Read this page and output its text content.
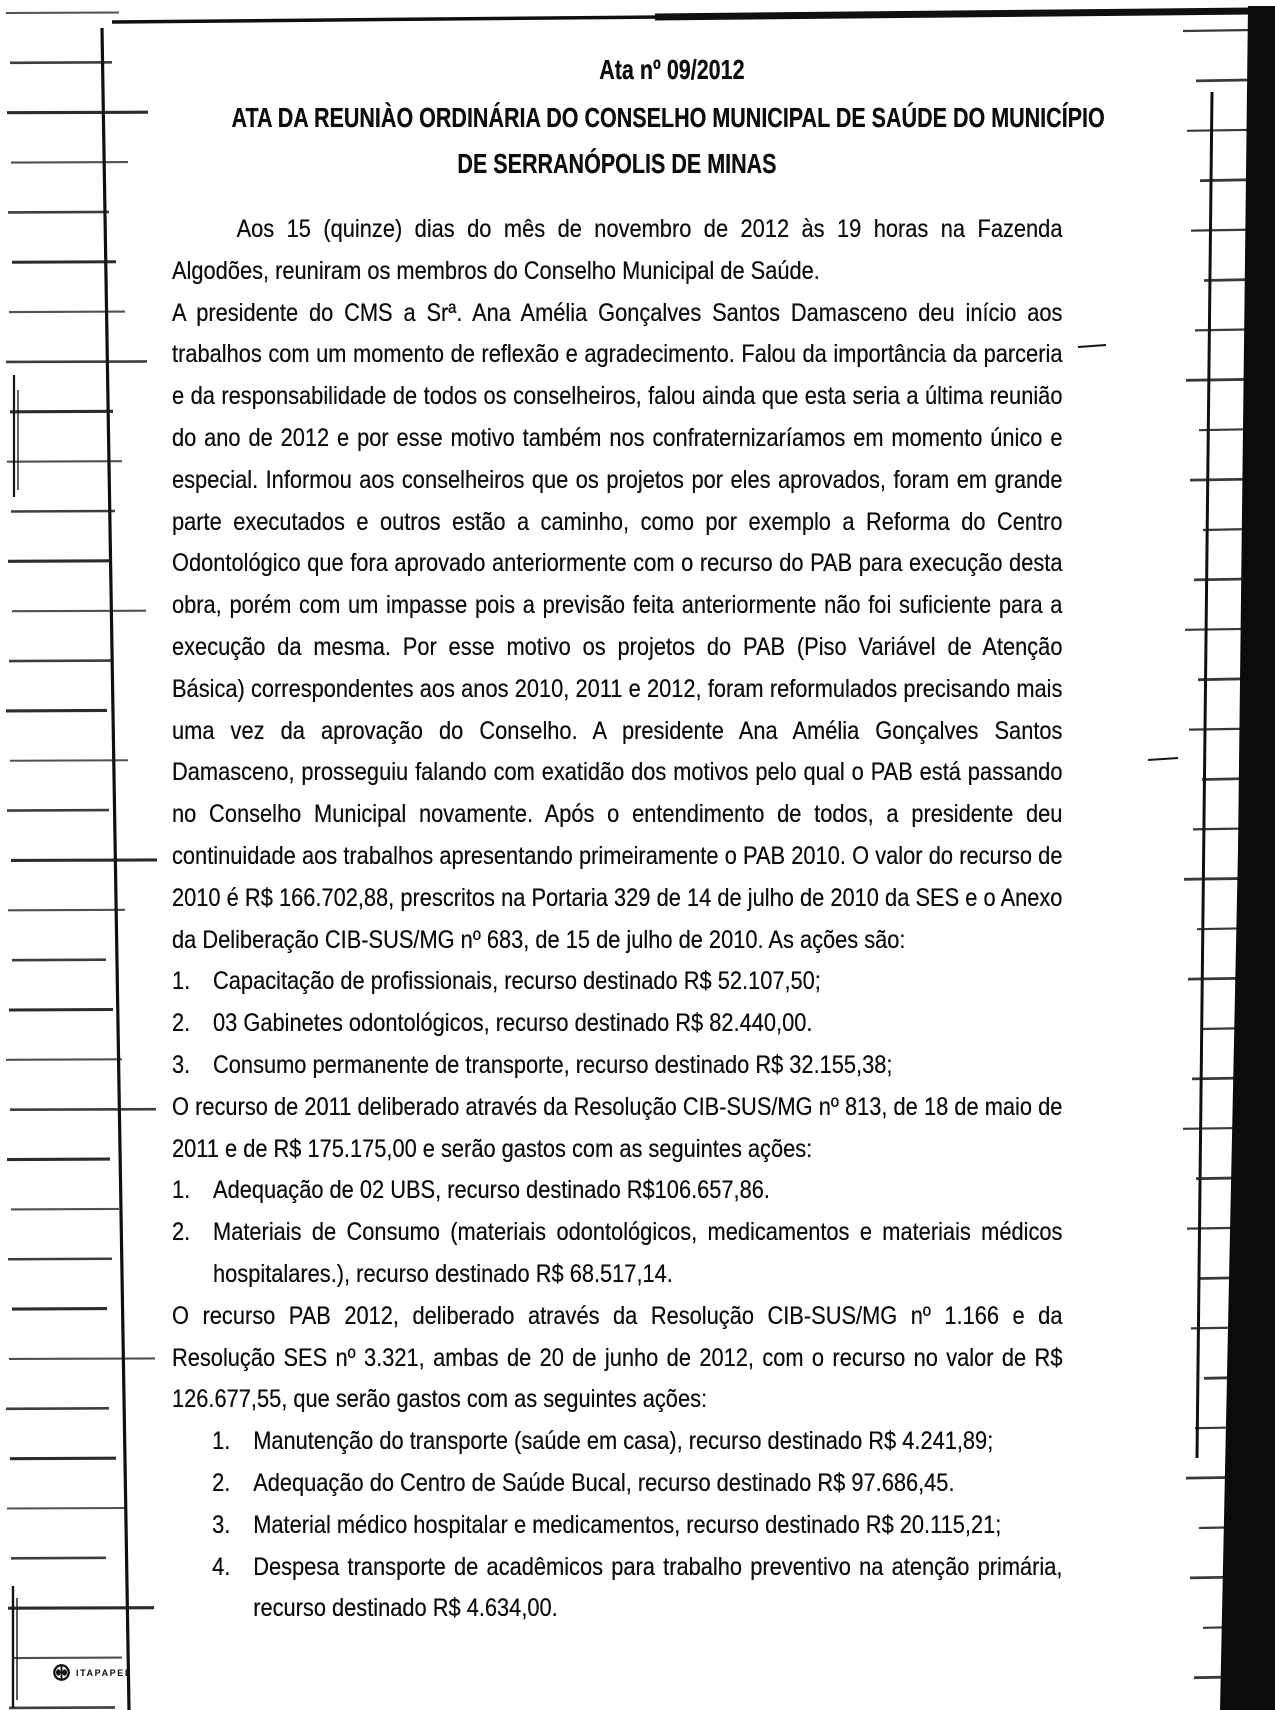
Ata nº 09/2012
ATA DA REUNIÀO ORDINÁRIA DO CONSELHO MUNICIPAL DE SAÚDE DO MUNICÍPIO
DE SERRANÓPOLIS DE MINAS

Aos 15 (quinze) dias do mês de novembro de 2012 às 19 horas na Fazenda Algodões, reuniram os membros do Conselho Municipal de Saúde.

A presidente do CMS a Srª. Ana Amélia Gonçalves Santos Damasceno deu início aos trabalhos com um momento de reflexão e agradecimento. Falou da importância da parceria e da responsabilidade de todos os conselheiros, falou ainda que esta seria a última reunião do ano de 2012 e por esse motivo também nos confraternizaríamos em momento único e especial. Informou aos conselheiros que os projetos por eles aprovados, foram em grande parte executados e outros estão a caminho, como por exemplo a Reforma do Centro Odontológico que fora aprovado anteriormente com o recurso do PAB para execução desta obra, porém com um impasse pois a previsão feita anteriormente não foi suficiente para a execução da mesma. Por esse motivo os projetos do PAB (Piso Variável de Atenção Básica) correspondentes aos anos 2010, 2011 e 2012, foram reformulados precisando mais uma vez da aprovação do Conselho. A presidente Ana Amélia Gonçalves Santos Damasceno, prosseguiu falando com exatidão dos motivos pelo qual o PAB está passando no Conselho Municipal novamente. Após o entendimento de todos, a presidente deu continuidade aos trabalhos apresentando primeiramente o PAB 2010. O valor do recurso de 2010 é R$ 166.702,88, prescritos na Portaria 329 de 14 de julho de 2010 da SES e o Anexo da Deliberação CIB-SUS/MG nº 683, de 15 de julho de 2010. As ações são:

1. Capacitação de profissionais, recurso destinado R$ 52.107,50;
2. 03 Gabinetes odontológicos, recurso destinado R$ 82.440,00.
3. Consumo permanente de transporte, recurso destinado R$ 32.155,38;

O recurso de 2011 deliberado através da Resolução CIB-SUS/MG nº 813, de 18 de maio de 2011 e de R$ 175.175,00 e serão gastos com as seguintes ações:

1. Adequação de 02 UBS, recurso destinado R$106.657,86.
2. Materiais de Consumo (materiais odontológicos, medicamentos e materiais médicos hospitalares.), recurso destinado R$ 68.517,14.

O recurso PAB 2012, deliberado através da Resolução CIB-SUS/MG nº 1.166 e da Resolução SES nº 3.321, ambas de 20 de junho de 2012, com o recurso no valor de R$ 126.677,55, que serão gastos com as seguintes ações:

1. Manutenção do transporte (saúde em casa), recurso destinado R$ 4.241,89;
2. Adequação do Centro de Saúde Bucal, recurso destinado R$ 97.686,45.
3. Material médico hospitalar e medicamentos, recurso destinado R$ 20.115,21;
4. Despesa transporte de acadêmicos para trabalho preventivo na atenção primária, recurso destinado R$ 4.634,00.
ITAPAPEL
